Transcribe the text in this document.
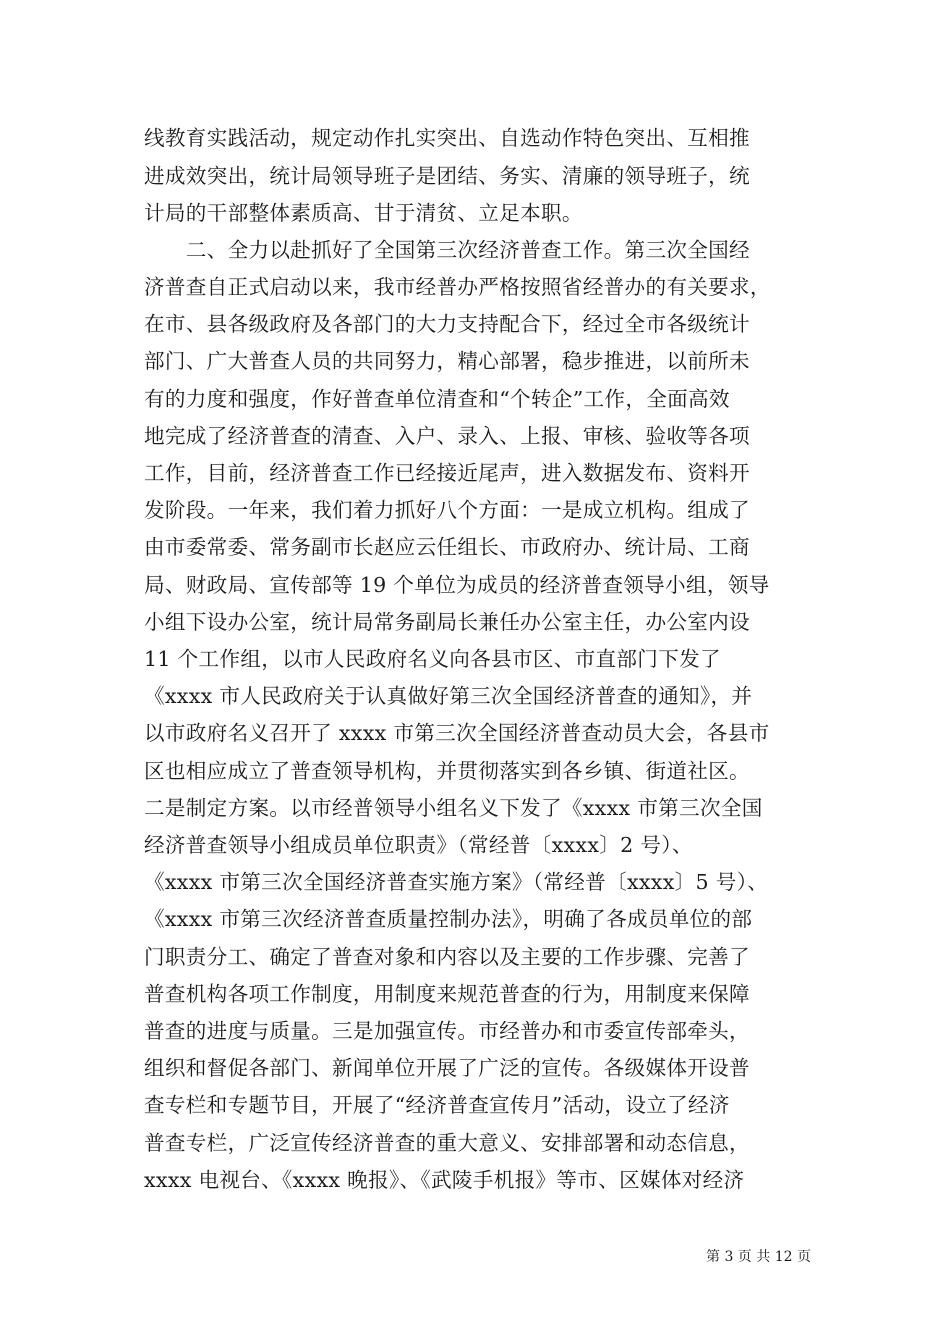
线教育实践活动，规定动作扎实突出、自选动作特色突出、互相推
进成效突出，统计局领导班子是团结、务实、清廉的领导班子，统
计局的干部整体素质高、甘于清贫、立足本职。
　　二、全力以赴抓好了全国第三次经济普查工作。第三次全国经
济普查自正式启动以来，我市经普办严格按照省经普办的有关要求，
在市、县各级政府及各部门的大力支持配合下，经过全市各级统计
部门、广大普查人员的共同努力，精心部署，稳步推进，以前所未
有的力度和强度，作好普查单位清查和“个转企”工作，全面高效
地完成了经济普查的清查、入户、录入、上报、审核、验收等各项
工作，目前，经济普查工作已经接近尾声，进入数据发布、资料开
发阶段。一年来，我们着力抓好八个方面：一是成立机构。组成了
由市委常委、常务副市长赵应云任组长、市政府办、统计局、工商
局、财政局、宣传部等 19 个单位为成员的经济普查领导小组，领导
小组下设办公室，统计局常务副局长兼任办公室主任，办公室内设
11 个工作组，以市人民政府名义向各县市区、市直部门下发了
《xxxx 市人民政府关于认真做好第三次全国经济普查的通知》，并
以市政府名义召开了 xxxx 市第三次全国经济普查动员大会，各县市
区也相应成立了普查领导机构，并贯彻落实到各乡镇、街道社区。
二是制定方案。以市经普领导小组名义下发了《xxxx 市第三次全国
经济普查领导小组成员单位职责》（常经普〔xxxx〕2 号）、
《xxxx 市第三次全国经济普查实施方案》（常经普〔xxxx〕5 号）、
《xxxx 市第三次经济普查质量控制办法》，明确了各成员单位的部
门职责分工、确定了普查对象和内容以及主要的工作步骤、完善了
普查机构各项工作制度，用制度来规范普查的行为，用制度来保障
普查的进度与质量。三是加强宣传。市经普办和市委宣传部牵头，
组织和督促各部门、新闻单位开展了广泛的宣传。各级媒体开设普
查专栏和专题节目，开展了“经济普查宣传月”活动，设立了经济
普查专栏，广泛宣传经济普查的重大意义、安排部署和动态信息，
xxxx 电视台、《xxxx 晚报》、《武陵手机报》等市、区媒体对经济
第 3 页 共 12 页
